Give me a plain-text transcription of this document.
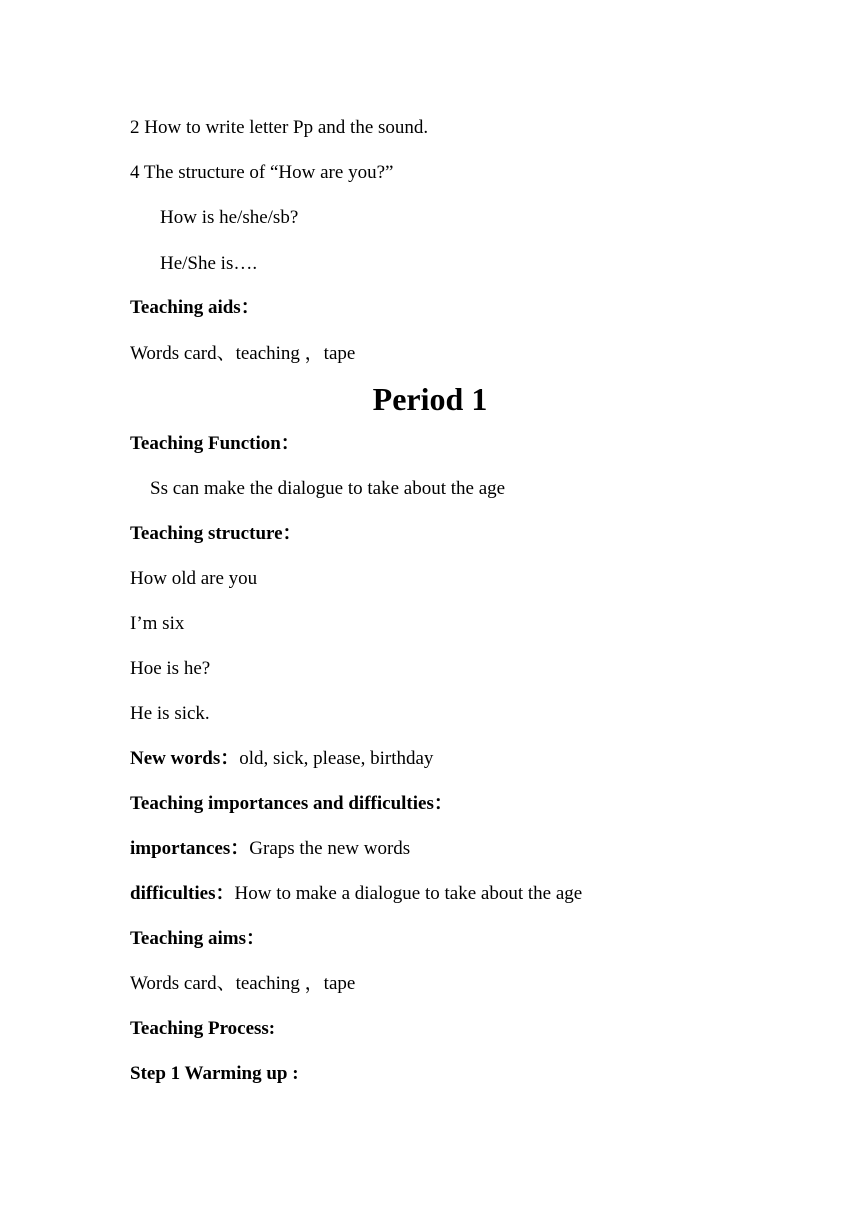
2 How to write letter Pp and the sound.
4 The structure of “How are you?”
How is he/she/sb?
He/She is….
Teaching aids：
Words card、teaching ，tape
Period 1
Teaching Function：
Ss can make the dialogue to take about the age
Teaching structure：
How old are you
I’m six
Hoe is he?
He is sick.
New words：old, sick, please, birthday
Teaching importances and difficulties：
importances：Graps the new words
difficulties：How to make a dialogue to take about the age
Teaching aims：
Words card、teaching ，tape
Teaching Process:
Step 1 Warming up :
